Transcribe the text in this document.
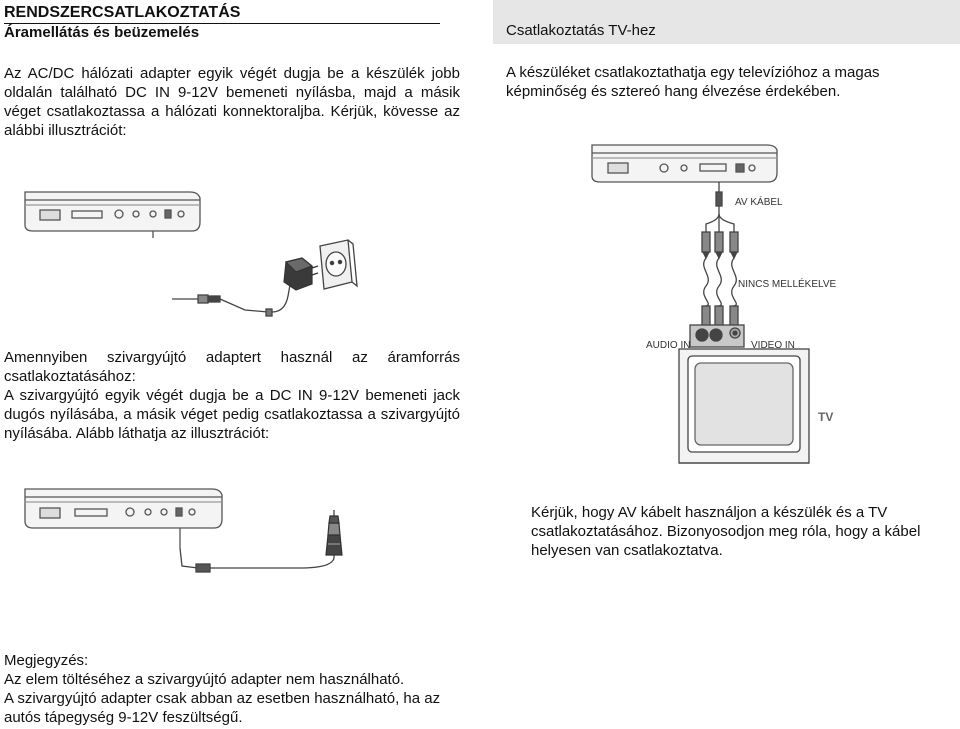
RENDSZERCSATLAKOZTATÁS
Áramellátás és beüzemelés
Az AC/DC hálózati adapter egyik végét dugja be a készülék jobb oldalán található DC IN 9-12V bemeneti nyílásba, majd a másik véget csatlakoztassa a hálózati konnektoraljba. Kérjük, kövesse az alábbi illusztrációt:
Amennyiben szivargyújtó adaptert használ az áramforrás csatlakoztatásához:
A szivargyújtó egyik végét dugja be a DC IN 9-12V bemeneti jack dugós nyílásába, a másik véget pedig csatlakoztassa a szivargyújtó nyílásába. Alább láthatja az illusztrációt:
Csatlakoztatás TV-hez
A készüléket csatlakoztathatja egy televízióhoz a magas képminőség és sztereó hang élvezése érdekében.
Kérjük, hogy AV kábelt használjon a készülék és a TV csatlakoztatásához. Bizonyosodjon meg róla, hogy a kábel helyesen van csatlakoztatva.
Megjegyzés:
Az elem töltéséhez a szivargyújtó adapter nem használható.
A szivargyújtó adapter csak abban az esetben használható, ha az autós tápegység 9-12V feszültségű.
TV
AV KÁBEL
NINCS MELLÉKELVE
AUDIO IN	VIDEO IN
